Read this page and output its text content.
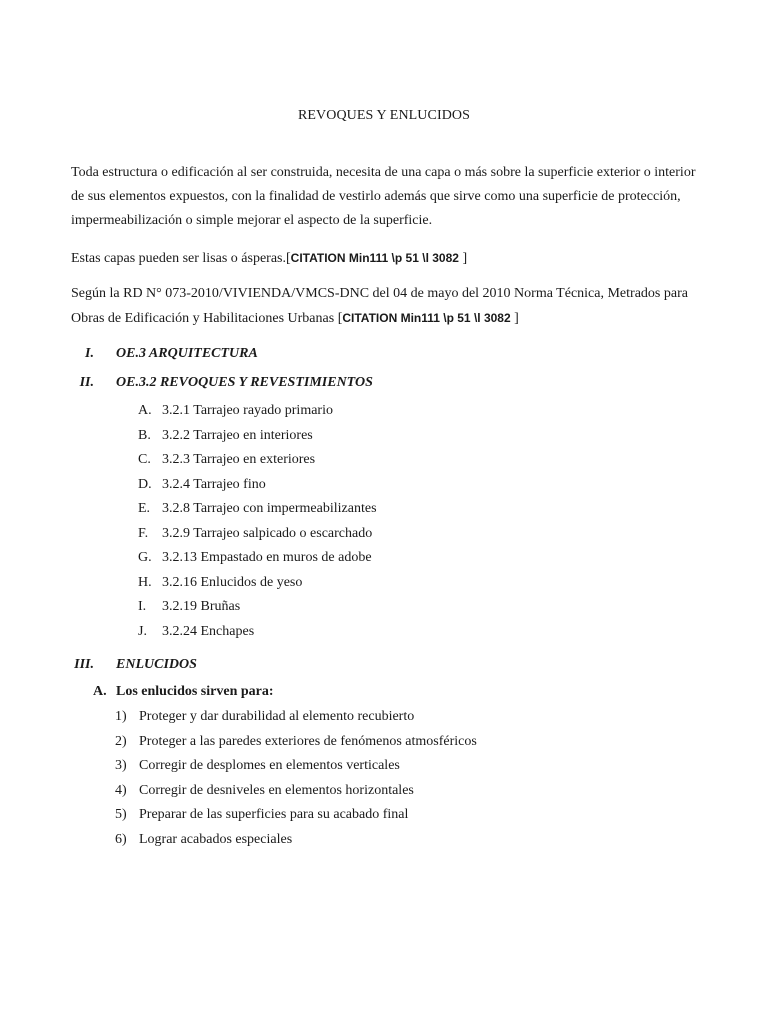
REVOQUES Y ENLUCIDOS
Toda estructura o edificación al ser construida, necesita de una capa o más sobre la superficie exterior o interior
de sus elementos expuestos, con la finalidad de vestirlo además que sirve como una superficie de protección,
impermeabilización o simple mejorar el aspecto de la superficie.
Estas capas pueden ser lisas o ásperas.[CITATION Min111 \p 51 \l 3082 ]
Según la RD N° 073-2010/VIVIENDA/VMCS-DNC del 04 de mayo del 2010 Norma Técnica, Metrados para
Obras de Edificación y Habilitaciones Urbanas [CITATION Min111 \p 51 \l 3082 ]
I. OE.3 ARQUITECTURA
II. OE.3.2 REVOQUES Y REVESTIMIENTOS
A. 3.2.1 Tarrajeo rayado primario
B. 3.2.2 Tarrajeo en interiores
C. 3.2.3 Tarrajeo en exteriores
D. 3.2.4 Tarrajeo fino
E. 3.2.8 Tarrajeo con impermeabilizantes
F. 3.2.9 Tarrajeo salpicado o escarchado
G. 3.2.13 Empastado en muros de adobe
H. 3.2.16 Enlucidos de yeso
I. 3.2.19 Bruñas
J. 3.2.24 Enchapes
III. ENLUCIDOS
A. Los enlucidos sirven para:
1) Proteger y dar durabilidad al elemento recubierto
2) Proteger a las paredes exteriores de fenómenos atmosféricos
3) Corregir de desplomes en elementos verticales
4) Corregir de desniveles en elementos horizontales
5) Preparar de las superficies para su acabado final
6) Lograr acabados especiales
